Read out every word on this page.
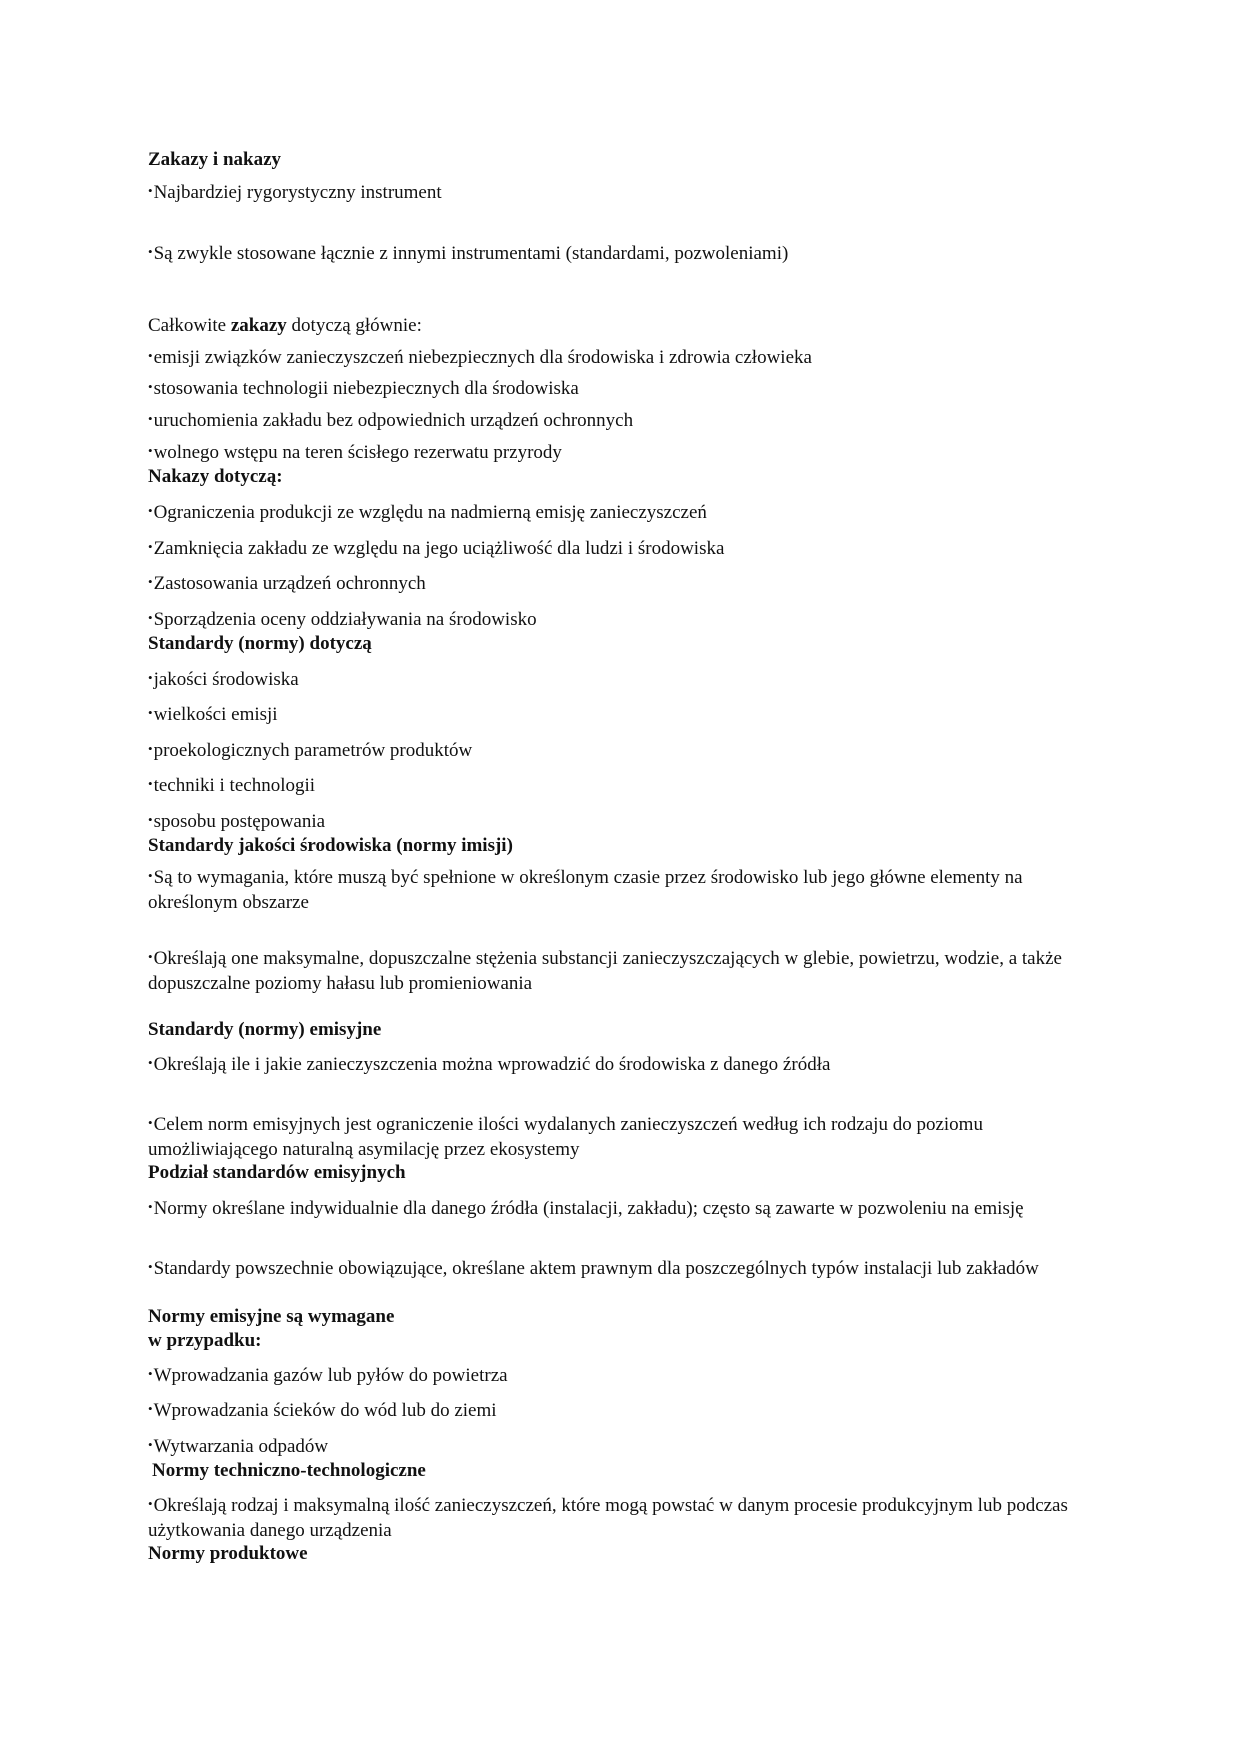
Zakazy i nakazy
•Najbardziej rygorystyczny instrument
•Są zwykle stosowane łącznie z innymi instrumentami (standardami, pozwoleniami)
Całkowite zakazy dotyczą głównie:
•emisji związków zanieczyszczeń niebezpiecznych dla środowiska i zdrowia człowieka
•stosowania technologii niebezpiecznych dla środowiska
•uruchomienia zakładu bez odpowiednich urządzeń ochronnych
•wolnego wstępu na teren ścisłego rezerwatu przyrody
Nakazy dotyczą:
•Ograniczenia produkcji ze względu na nadmierną emisję zanieczyszczeń
•Zamknięcia zakładu ze względu na jego uciążliwość dla ludzi i środowiska
•Zastosowania urządzeń ochronnych
•Sporządzenia oceny oddziaływania na środowisko
Standardy (normy) dotyczą
•jakości środowiska
•wielkości emisji
•proekologicznych parametrów produktów
•techniki i technologii
•sposobu postępowania
Standardy jakości środowiska (normy imisji)
•Są to wymagania, które muszą być spełnione w określonym czasie przez środowisko lub jego główne elementy na określonym obszarze
•Określają one maksymalne, dopuszczalne stężenia substancji zanieczyszczających w glebie, powietrzu, wodzie, a także dopuszczalne poziomy hałasu lub promieniowania
Standardy (normy) emisyjne
•Określają ile i jakie zanieczyszczenia można wprowadzić do środowiska z danego źródła
•Celem norm emisyjnych jest ograniczenie ilości wydalanych zanieczyszczeń według ich rodzaju do poziomu umożliwiającego naturalną asymilację przez ekosystemy
Podział standardów emisyjnych
•Normy określane indywidualnie dla danego źródła (instalacji, zakładu); często są zawarte w pozwoleniu na emisję
•Standardy powszechnie obowiązujące, określane aktem prawnym dla poszczególnych typów instalacji lub zakładów
Normy emisyjne są wymagane
w przypadku:
•Wprowadzania gazów lub pyłów do powietrza
•Wprowadzania ścieków do wód lub do ziemi
•Wytwarzania odpadów
Normy techniczno-technologiczne
•Określają rodzaj i maksymalną ilość zanieczyszczeń, które mogą powstać w danym procesie produkcyjnym lub podczas użytkowania danego urządzenia
Normy produktowe
